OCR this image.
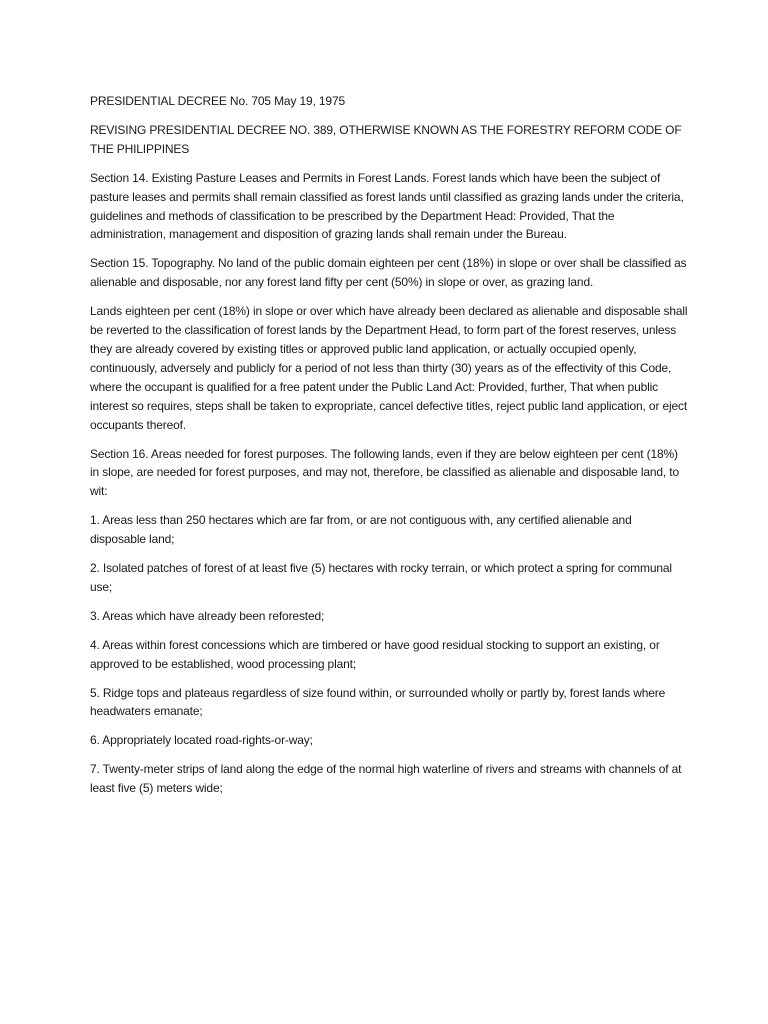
PRESIDENTIAL DECREE No. 705 May 19, 1975

REVISING PRESIDENTIAL DECREE NO. 389, OTHERWISE KNOWN AS THE FORESTRY REFORM CODE OF THE PHILIPPINES

Section 14. Existing Pasture Leases and Permits in Forest Lands. Forest lands which have been the subject of pasture leases and permits shall remain classified as forest lands until classified as grazing lands under the criteria, guidelines and methods of classification to be prescribed by the Department Head: Provided, That the administration, management and disposition of grazing lands shall remain under the Bureau.

Section 15. Topography. No land of the public domain eighteen per cent (18%) in slope or over shall be classified as alienable and disposable, nor any forest land fifty per cent (50%) in slope or over, as grazing land.

Lands eighteen per cent (18%) in slope or over which have already been declared as alienable and disposable shall be reverted to the classification of forest lands by the Department Head, to form part of the forest reserves, unless they are already covered by existing titles or approved public land application, or actually occupied openly, continuously, adversely and publicly for a period of not less than thirty (30) years as of the effectivity of this Code, where the occupant is qualified for a free patent under the Public Land Act: Provided, further, That when public interest so requires, steps shall be taken to expropriate, cancel defective titles, reject public land application, or eject occupants thereof.

Section 16. Areas needed for forest purposes. The following lands, even if they are below eighteen per cent (18%) in slope, are needed for forest purposes, and may not, therefore, be classified as alienable and disposable land, to wit:

1. Areas less than 250 hectares which are far from, or are not contiguous with, any certified alienable and disposable land;

2. Isolated patches of forest of at least five (5) hectares with rocky terrain, or which protect a spring for communal use;

3. Areas which have already been reforested;

4. Areas within forest concessions which are timbered or have good residual stocking to support an existing, or approved to be established, wood processing plant;

5. Ridge tops and plateaus regardless of size found within, or surrounded wholly or partly by, forest lands where headwaters emanate;

6. Appropriately located road-rights-or-way;

7. Twenty-meter strips of land along the edge of the normal high waterline of rivers and streams with channels of at least five (5) meters wide;
